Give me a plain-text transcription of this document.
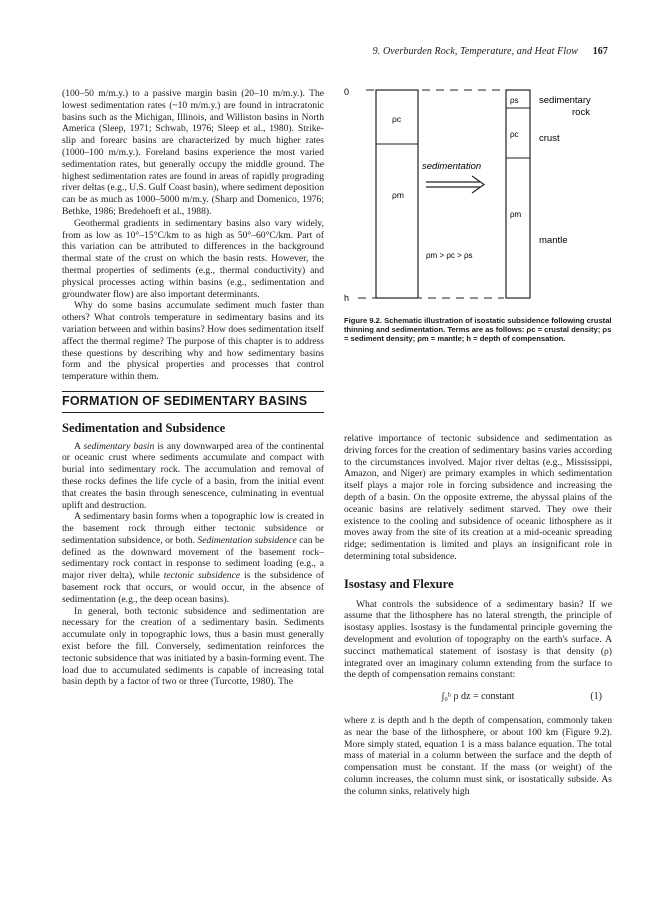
9. Overburden Rock, Temperature, and Heat Flow 167

(100–50 m/m.y.) to a passive margin basin (20–10 m/m.y.). The lowest sedimentation rates (~10 m/m.y.) are found in intracratonic basins such as the Michigan, Illinois, and Williston basins in North America (Sleep, 1971; Schwab, 1976; Sleep et al., 1980). Strike-slip and forearc basins are characterized by much higher rates (1000–100 m/m.y.). Foreland basins experience the most varied sedimentation rates, but generally occupy the middle ground. The highest sedimentation rates are found in areas of rapidly prograding river deltas (e.g., U.S. Gulf Coast basin), where sediment deposition can be as much as 1000–5000 m/m.y. (Sharp and Domenico, 1976; Bethke, 1986; Bredehoeft et al., 1988).

Geothermal gradients in sedimentary basins also vary widely, from as low as 10°–15°C/km to as high as 50°–60°C/km. Part of this variation can be attributed to differences in the background thermal state of the crust on which the basin rests. However, the thermal properties of sediments (e.g., thermal conductivity) and physical processes acting within basins (e.g., sedimentation and groundwater flow) are also important determinants.

Why do some basins accumulate sediment much faster than others? What controls temperature in sedimentary basins and its variation between and within basins? How does sedimentation itself affect the thermal regime? The purpose of this chapter is to address these questions by describing why and how sedimentary basins form and the physical properties and processes that control temperature within them.

FORMATION OF SEDIMENTARY BASINS
Sedimentation and Subsidence

A sedimentary basin is any downwarped area of the continental or oceanic crust where sediments accumulate and compact with burial into sedimentary rock. The accumulation and removal of these rocks defines the life cycle of a basin, from the initial event that creates the basin through senescence, culminating in eventual uplift and destruction.

A sedimentary basin forms when a topographic low is created in the basement rock through either tectonic subsidence or sedimentation subsidence, or both. Sedimentation subsidence can be defined as the downward movement of the basement rock–sedimentary rock contact in response to sediment loading (e.g., a major river delta), while tectonic subsidence is the subsidence of basement rock that occurs, or would occur, in the absence of sedimentation (e.g., the deep ocean basins).

In general, both tectonic subsidence and sedimentation are necessary for the creation of a sedimentary basin. Sediments accumulate only in topographic lows, thus a basin must generally exist before the fill. Conversely, sedimentation reinforces the tectonic subsidence that was initiated by a basin-forming event. The load due to accumulated sediments is capable of increasing total basin depth by a factor of two or three (Turcotte, 1980). The

0
h
ρc
ρm
ρs
ρc
ρm
sedimentation
ρm > ρc > ρs
sedimentary
rock
crust
mantle
Figure 9.2. Schematic illustration of isostatic subsidence following crustal thinning and sedimentation. Terms are as follows: ρc = crustal density; ρs = sediment density; ρm = mantle; h = depth of compensation.

relative importance of tectonic subsidence and sedimentation as driving forces for the creation of sedimentary basins varies according to the circumstances involved. Major river deltas (e.g., Mississippi, Amazon, and Niger) are primary examples in which sedimentation itself plays a major role in forcing subsidence and increasing the depth of a basin. On the opposite extreme, the abyssal plains of the oceanic basins are relatively sediment starved. They owe their existence to the cooling and subsidence of oceanic lithosphere as it moves away from the site of its creation at a mid-oceanic spreading ridge; sedimentation is limited and plays an insignificant role in determining total subsidence.

Isostasy and Flexure

What controls the subsidence of a sedimentary basin? If we assume that the lithosphere has no lateral strength, the principle of isostasy applies. Isostasy is the fundamental principle governing the development and evolution of topography on the earth's surface. A succinct mathematical statement of isostasy is that density (ρ) integrated over an imaginary column extending from the surface to the depth of compensation remains constant:

∫₀ʰ ρ dz = constant	(1)

where z is depth and h the depth of compensation, commonly taken as near the base of the lithosphere, or about 100 km (Figure 9.2). More simply stated, equation 1 is a mass balance equation. The total mass of material in a column between the surface and the depth of compensation must be constant. If the mass (or weight) of the column increases, the column must sink, or isostatically subside. As the column sinks, relatively high
